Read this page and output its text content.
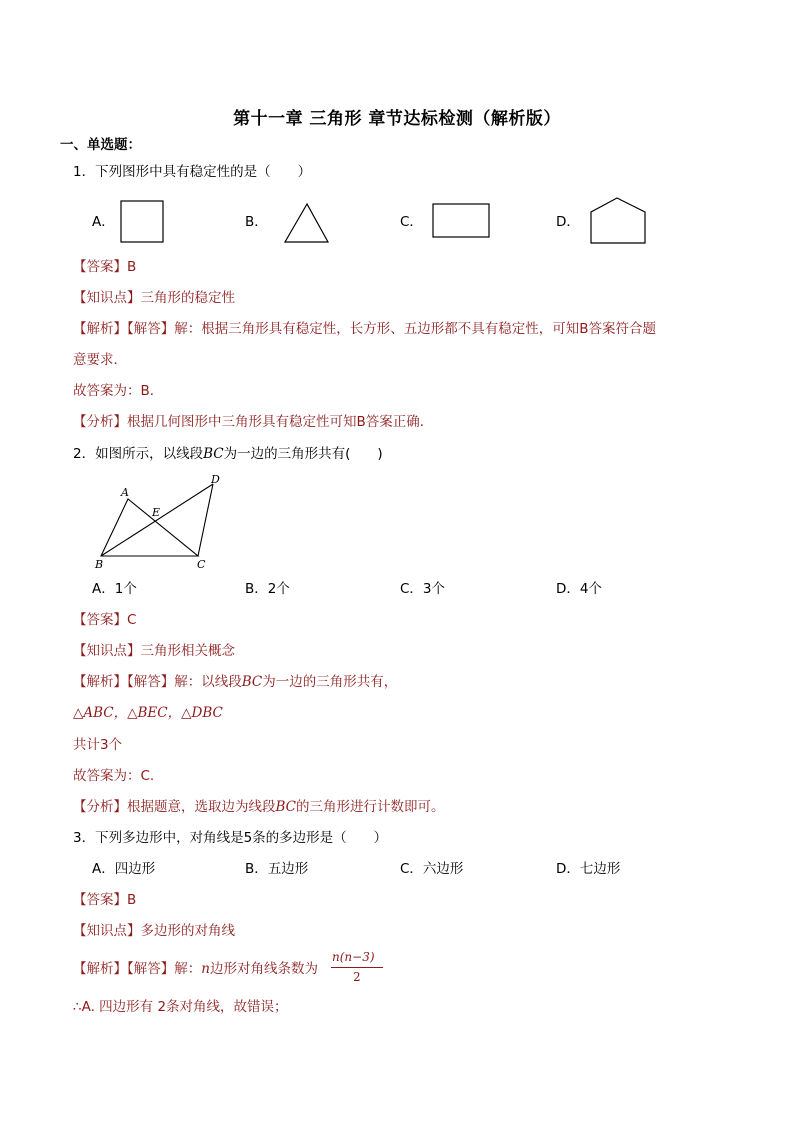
第十一章 三角形 章节达标检测（解析版）
一、单选题：
1．下列图形中具有稳定性的是（　　）
A．	B．	C．	D．
【答案】B
【知识点】三角形的稳定性
【解析】【解答】解：根据三角形具有稳定性，长方形、五边形都不具有稳定性，可知B答案符合题
意要求．
故答案为：B．
【分析】根据几何图形中三角形具有稳定性可知B答案正确．
2．如图所示，以线段BC为一边的三角形共有(　　)
A
B	C
D
E
A．1个	B．2个	C．3个	D．4个
【答案】C
【知识点】三角形相关概念
【解析】【解答】解：以线段BC为一边的三角形共有，
△ABC，△BEC，△DBC
共计3个
故答案为：C.
【分析】根据题意，选取边为线段BC的三角形进行计数即可。
3．下列多边形中，对角线是5条的多边形是（　　）
A．四边形	B．五边形	C．六边形	D．七边形
【答案】B
【知识点】多边形的对角线
【解析】【解答】解：n边形对角线条数为
n(n−3)
2
∴A. 四边形有 2条对角线，故错误；
